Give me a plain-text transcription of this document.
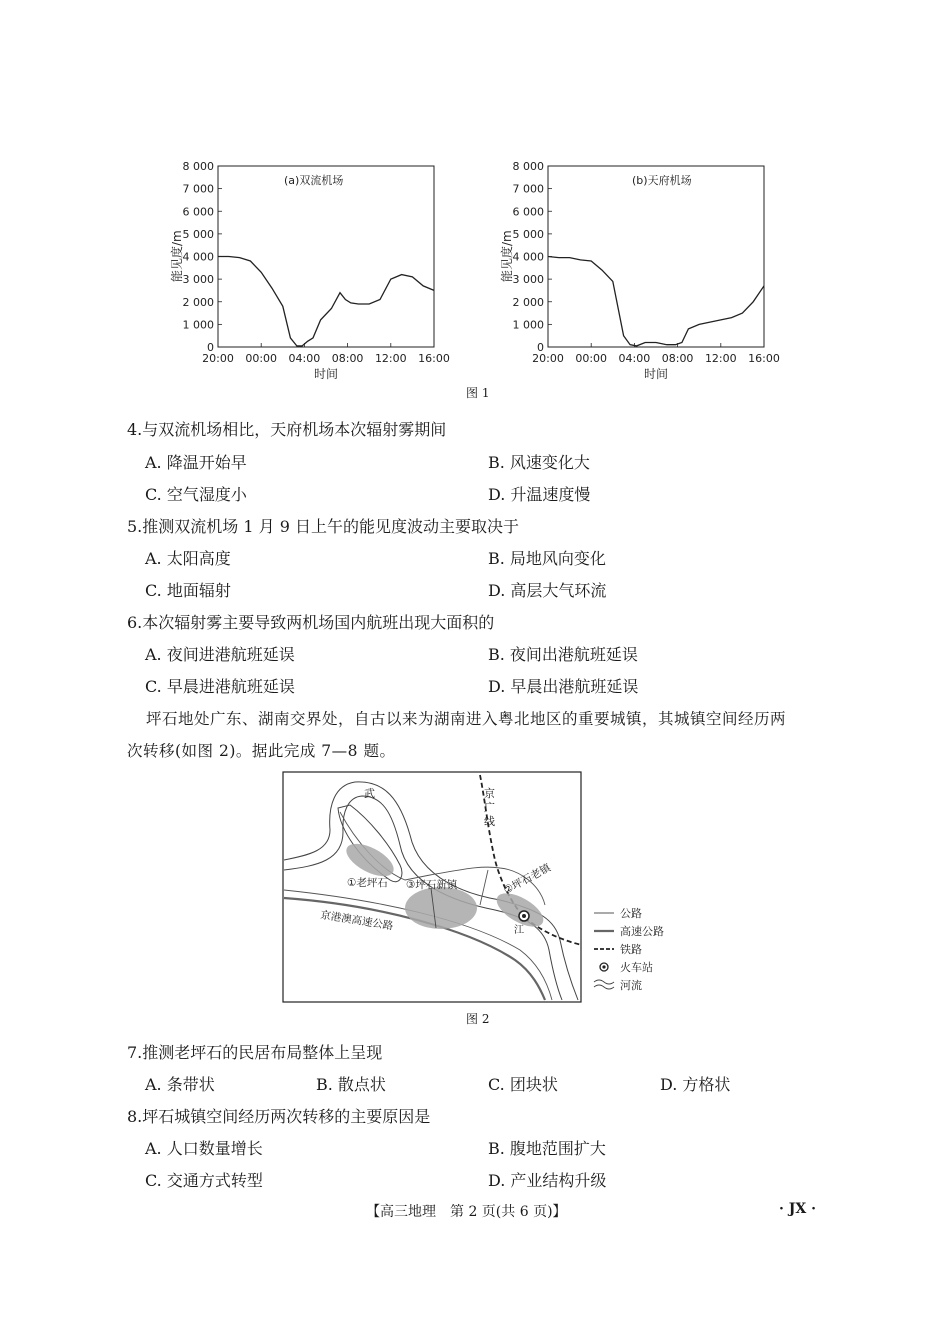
8 000
7 000
6 000
5 000
4 000
3 000
2 000
1 000
0
20:00 00:00 04:00 08:00 12:00 16:00
(a)双流机场
能见度/m
时间
8 000
7 000
6 000
5 000
4 000
3 000
2 000
1 000
0
20:00 00:00 04:00 08:00 12:00 16:00
(b)天府机场
能见度/m
时间
图 1
4.与双流机场相比，天府机场本次辐射雾期间
A. 降温开始早	B. 风速变化大
C. 空气湿度小	D. 升温速度慢
5.推测双流机场 1 月 9 日上午的能见度波动主要取决于
A. 太阳高度	B. 局地风向变化
C. 地面辐射	D. 高层大气环流
6.本次辐射雾主要导致两机场国内航班出现大面积的
A. 夜间进港航班延误	B. 夜间出港航班延误
C. 早晨进港航班延误	D. 早晨出港航班延误
坪石地处广东、湖南交界处，自古以来为湖南进入粤北地区的重要城镇，其城镇空间经历两
次转移(如图 2)。据此完成 7—8 题。
武	京
广
线
①老坪石 ③坪石新镇	②坪石老镇
江
京港澳高速公路	公路
高速公路
铁路
火车站
河流
图 2
7.推测老坪石的民居布局整体上呈现
A. 条带状	B. 散点状	C. 团块状	D. 方格状
8.坪石城镇空间经历两次转移的主要原因是
A. 人口数量增长	B. 腹地范围扩大
C. 交通方式转型	D. 产业结构升级
【高三地理　第 2 页(共 6 页)】	· JX ·
